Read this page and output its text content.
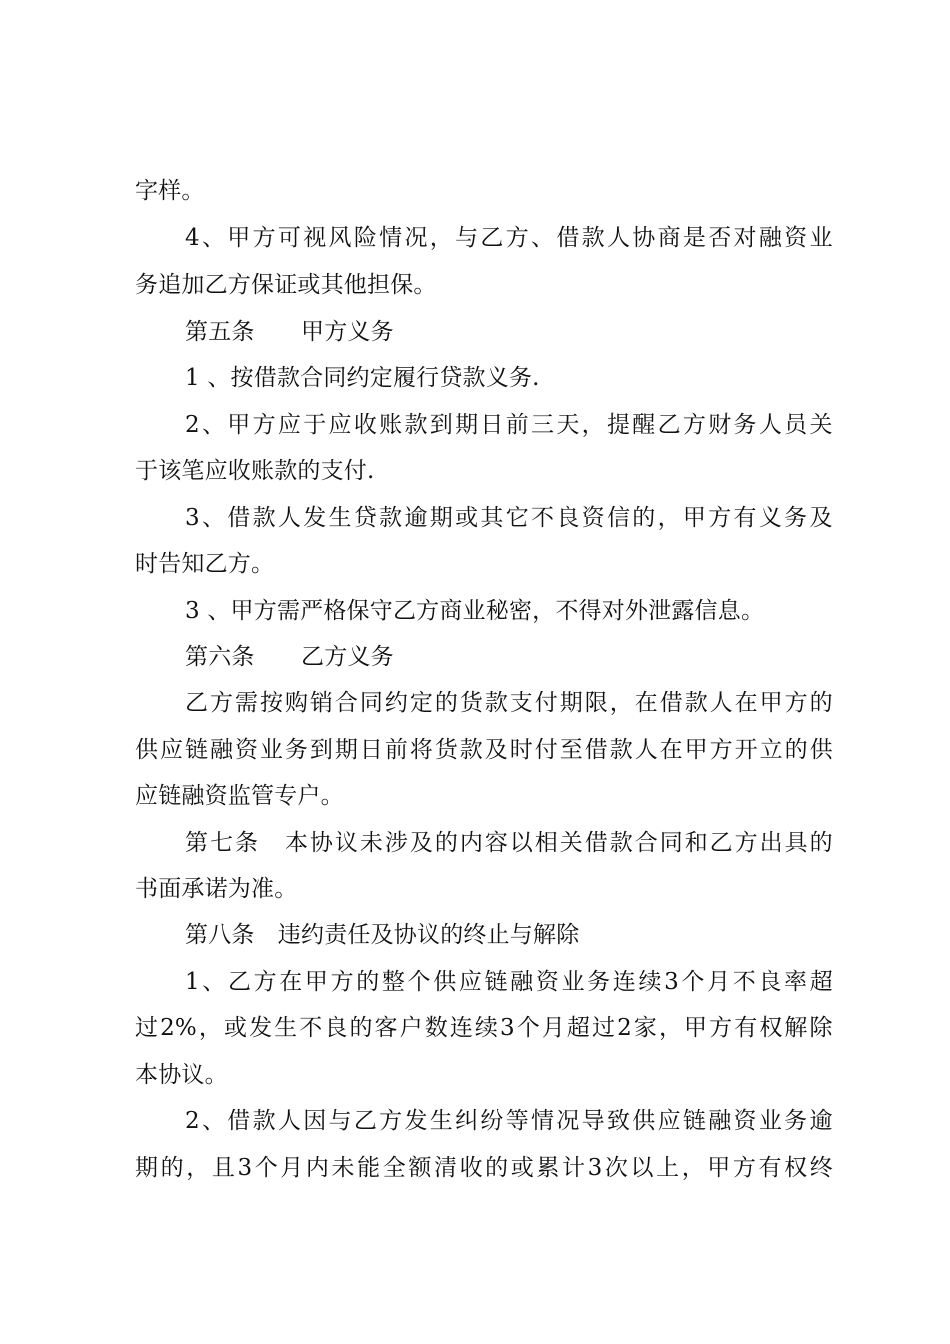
字样。
4 、 甲 方 可 视 风 险 情 况 ， 与 乙 方 、 借 款 人 协 商 是 否 对 融 资 业
务追加乙方保证或其他担保。
第五条　　甲方义务
1 、按借款合同约定履行贷款义务.
2 、 甲 方 应 于 应 收 账 款 到 期 日 前 三 天 ， 提 醒 乙 方 财 务 人 员 关
于该笔应收账款的支付.
3 、 借 款 人 发 生 贷 款 逾 期 或 其 它 不 良 资 信 的 ， 甲 方 有 义 务 及
时告知乙方。
3 、甲方需严格保守乙方商业秘密，不得对外泄露信息。
第六条　　乙方义务
乙 方 需 按 购 销 合 同 约 定 的 货 款 支 付 期 限 ， 在 借 款 人 在 甲 方 的
供 应 链 融 资 业 务 到 期 日 前 将 货 款 及 时 付 至 借 款 人 在 甲 方 开 立 的 供
应链融资监管专户。
第 七 条
　 本 协 议 未 涉 及 的 内 容 以 相 关 借 款 合 同 和 乙 方 出 具 的
书面承诺为准。
第八条　违约责任及协议的终止与解除
1 、 乙 方 在 甲 方 的 整 个 供 应 链 融 资 业 务 连 续 3 个 月 不 良 率 超
过 2% ， 或 发 生 不 良 的 客 户 数 连 续 3 个 月 超 过 2 家 ， 甲 方 有 权 解 除
本协议。
2 、 借 款 人 因 与 乙 方 发 生 纠 纷 等 情 况 导 致 供 应 链 融 资 业 务 逾
期 的 ， 且 3 个 月 内 未 能 全 额 清 收 的 或 累 计 3 次 以 上 ， 甲 方 有 权 终
